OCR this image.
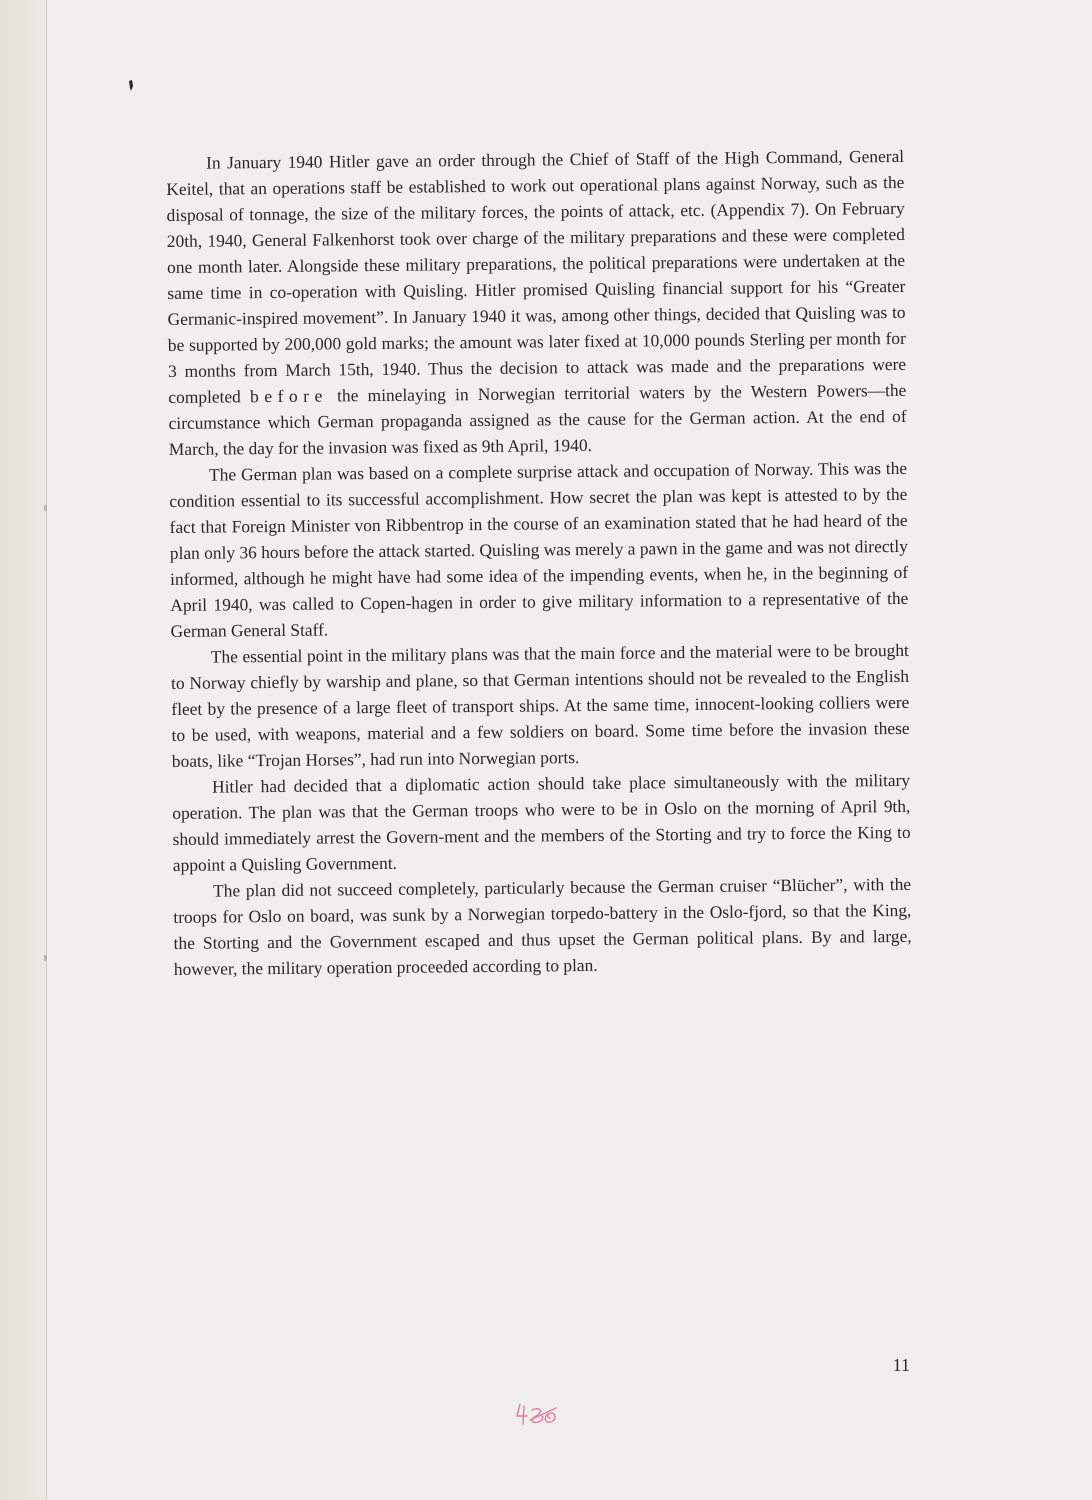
In January 1940 Hitler gave an order through the Chief of Staff of the High Command, General Keitel, that an operations staff be established to work out operational plans against Norway, such as the disposal of tonnage, the size of the military forces, the points of attack, etc. (Appendix 7). On February 20th, 1940, General Falkenhorst took over charge of the military preparations and these were completed one month later. Alongside these military preparations, the political preparations were undertaken at the same time in co-operation with Quisling. Hitler promised Quisling financial support for his “Greater Germanic-inspired movement”. In January 1940 it was, among other things, decided that Quisling was to be supported by 200,000 gold marks; the amount was later fixed at 10,000 pounds Sterling per month for 3 months from March 15th, 1940. Thus the decision to attack was made and the preparations were completed before the minelaying in Norwegian territorial waters by the Western Powers—the circumstance which German propaganda assigned as the cause for the German action. At the end of March, the day for the invasion was fixed as 9th April, 1940.

The German plan was based on a complete surprise attack and occupation of Norway. This was the condition essential to its successful accomplishment. How secret the plan was kept is attested to by the fact that Foreign Minister von Ribbentrop in the course of an examination stated that he had heard of the plan only 36 hours before the attack started. Quisling was merely a pawn in the game and was not directly informed, although he might have had some idea of the impending events, when he, in the beginning of April 1940, was called to Copen-hagen in order to give military information to a representative of the German General Staff.

The essential point in the military plans was that the main force and the material were to be brought to Norway chiefly by warship and plane, so that German intentions should not be revealed to the English fleet by the presence of a large fleet of transport ships. At the same time, innocent-looking colliers were to be used, with weapons, material and a few soldiers on board. Some time before the invasion these boats, like “Trojan Horses”, had run into Norwegian ports.

Hitler had decided that a diplomatic action should take place simultaneously with the military operation. The plan was that the German troops who were to be in Oslo on the morning of April 9th, should immediately arrest the Govern-ment and the members of the Storting and try to force the King to appoint a Quisling Government.

The plan did not succeed completely, particularly because the German cruiser “Blücher”, with the troops for Oslo on board, was sunk by a Norwegian torpedo-battery in the Oslo-fjord, so that the King, the Storting and the Government escaped and thus upset the German political plans. By and large, however, the military operation proceeded according to plan.

11
